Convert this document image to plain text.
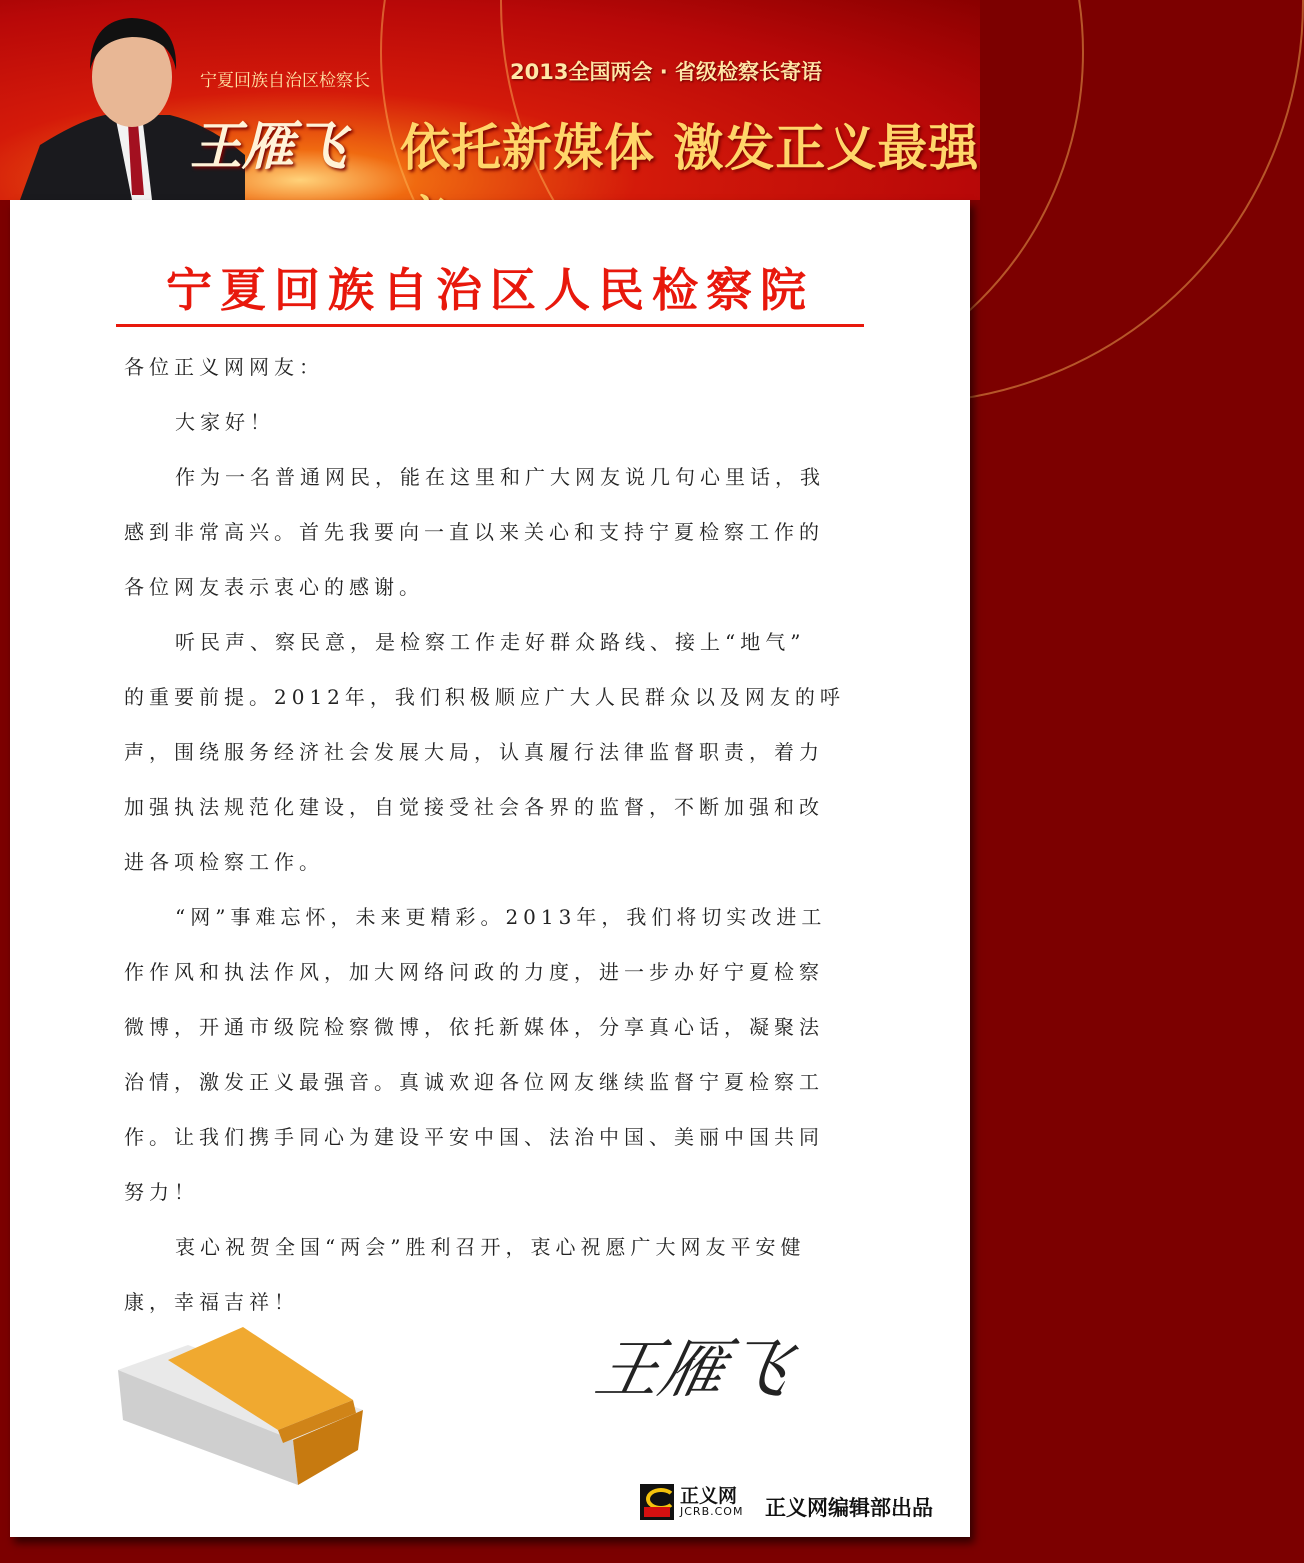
宁夏回族自治区检察长	2013全国两会 · 省级检察长寄语
王雁飞 依托新媒体 激发正义最强
宁夏回族自治区人民检察院
各位正义网网友：
大家好！
作为一名普通网民，能在这里和广大网友说几句心里话，我
感到非常高兴。首先我要向一直以来关心和支持宁夏检察工作的
各位网友表示衷心的感谢。
听民声、察民意，是检察工作走好群众路线、接上“地气”
的重要前提。2012年，我们积极顺应广大人民群众以及网友的呼
声，围绕服务经济社会发展大局，认真履行法律监督职责，着力
加强执法规范化建设，自觉接受社会各界的监督，不断加强和改
进各项检察工作。
“网”事难忘怀，未来更精彩。2013年，我们将切实改进工
作作风和执法作风，加大网络问政的力度，进一步办好宁夏检察
微博，开通市级院检察微博，依托新媒体，分享真心话，凝聚法
治情，激发正义最强音。真诚欢迎各位网友继续监督宁夏检察工
作。让我们携手同心为建设平安中国、法治中国、美丽中国共同
努力！
衷心祝贺全国“两会”胜利召开，衷心祝愿广大网友平安健
康，幸福吉祥！
王雁飞
正义网
JCRB.COM 正义网编辑部出品
